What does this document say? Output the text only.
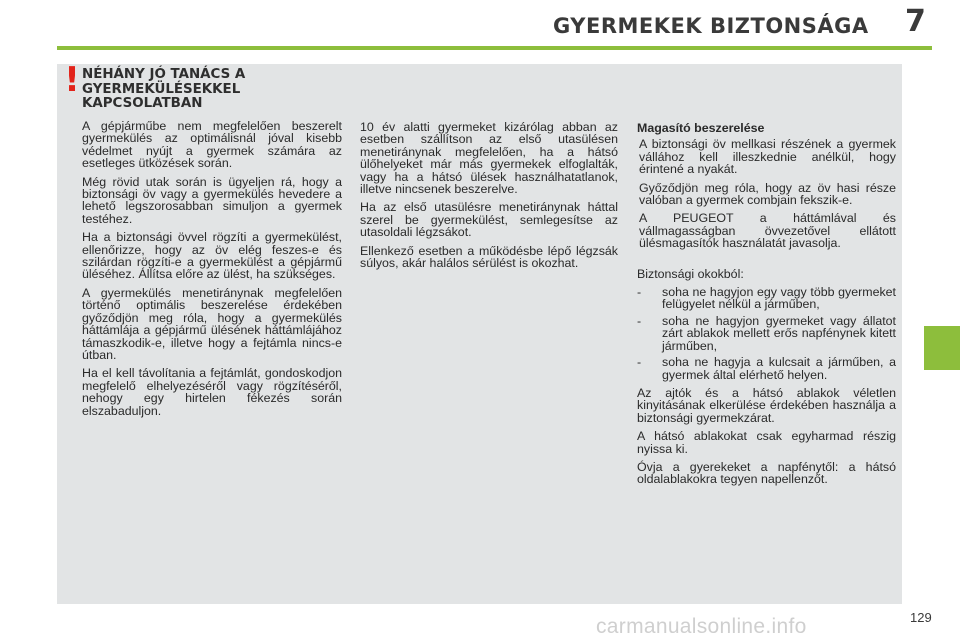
GYERMEKEK BIZTONSÁGA 7
! NÉHÁNY JÓ TANÁCS A GYERMEKÜLÉSEKKEL KAPCSOLATBAN

A gépjárműbe nem megfelelően beszerelt gyermekülés az optimálisnál jóval kisebb védelmet nyújt a gyermek számára az esetleges ütközések során.

Még rövid utak során is ügyeljen rá, hogy a biztonsági öv vagy a gyermekülés hevedere a lehető legszorosabban simuljon a gyermek testéhez.

Ha a biztonsági övvel rögzíti a gyermekülést, ellenőrizze, hogy az öv elég feszes-e és szilárdan rögzíti-e a gyermekülést a gépjármű üléséhez. Állítsa előre az ülést, ha szükséges.

A gyermekülés menetiránynak megfelelően történő optimális beszerelése érdekében győződjön meg róla, hogy a gyermekülés háttámlája a gépjármű ülésének háttámlájához támaszkodik-e, illetve hogy a fejtámla nincs-e útban.

Ha el kell távolítania a fejtámlát, gondoskodjon megfelelő elhelyezéséről vagy rögzítéséről, nehogy egy hirtelen fékezés során elszabaduljon.

10 év alatti gyermeket kizárólag abban az esetben szállítson az első utasülésen menetiránynak megfelelően, ha a hátsó ülőhelyeket már más gyermekek elfoglalták, vagy ha a hátsó ülések használhatatlanok, illetve nincsenek beszerelve.

Ha az első utasülésre menetiránynak háttal szerel be gyermekülést, semlegesítse az utasoldali légzsákot.

Ellenkező esetben a működésbe lépő légzsák súlyos, akár halálos sérülést is okozhat.

Magasító beszerelése

A biztonsági öv mellkasi részének a gyermek vállához kell illeszkednie anélkül, hogy érintené a nyakát.

Győződjön meg róla, hogy az öv hasi része valóban a gyermek combjain fekszik-e.

A PEUGEOT a háttámlával és vállmagasságban övvezetővel ellátott ülésmagasítók használatát javasolja.

Biztonsági okokból:

- soha ne hagyjon egy vagy több gyermeket felügyelet nélkül a járműben,
- soha ne hagyjon gyermeket vagy állatot zárt ablakok mellett erős napfénynek kitett járműben,
- soha ne hagyja a kulcsait a járműben, a gyermek által elérhető helyen.

Az ajtók és a hátsó ablakok véletlen kinyitásának elkerülése érdekében használja a biztonsági gyermekzárat.

A hátsó ablakokat csak egyharmad részig nyissa ki.

Óvja a gyerekeket a napfénytől: a hátsó oldalablakokra tegyen napellenzőt.

carmanualsonline.info	129
